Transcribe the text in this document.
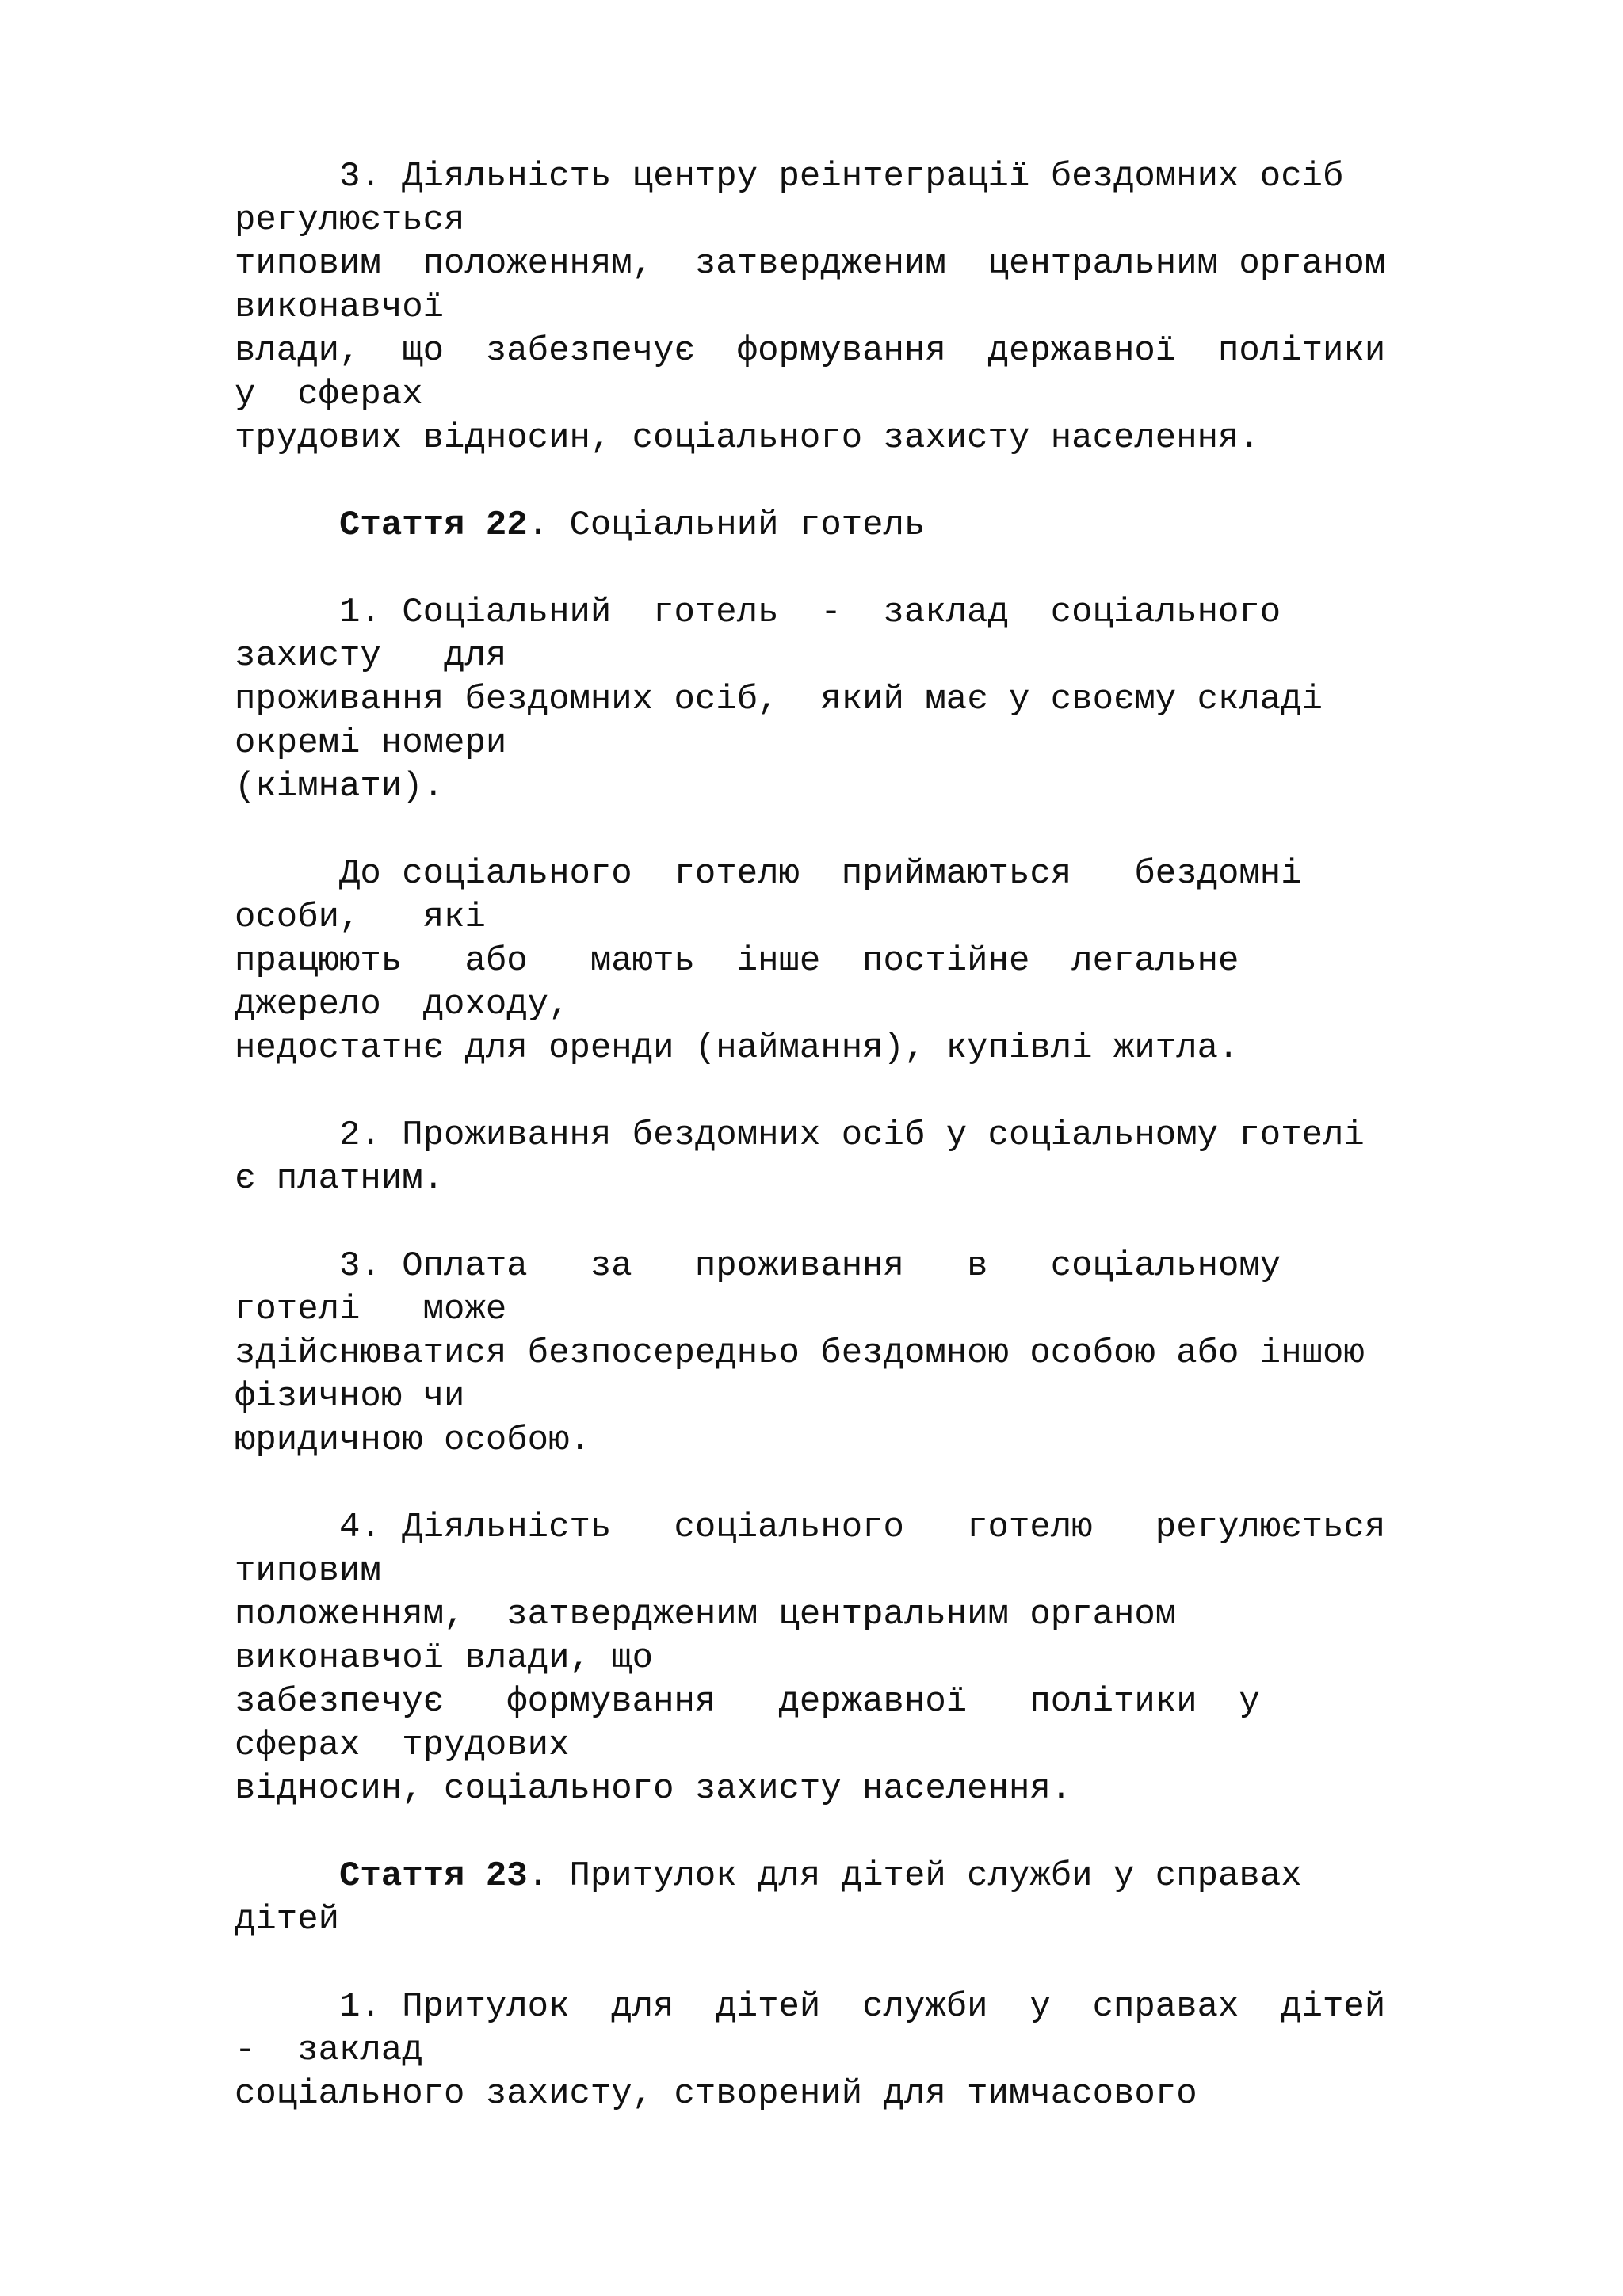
3. Діяльність центру реінтеграції бездомних осіб
регулюється
типовим  положенням,  затвердженим  центральним органом
виконавчої
влади,  що  забезпечує  формування  державної  політики
у  сферах
трудових відносин, соціального захисту населення.
Стаття 22. Соціальний готель
1. Соціальний  готель  -  заклад  соціального
захисту   для
проживання бездомних осіб,  який має у своєму складі
окремі номери
(кімнати).
До соціального  готелю  приймаються   бездомні
особи,   які
працюють   або   мають  інше  постійне  легальне
джерело  доходу,
недостатнє для оренди (наймання), купівлі житла.
2. Проживання бездомних осіб у соціальному готелі
є платним.
3. Оплата   за   проживання   в   соціальному
готелі   може
здійснюватися безпосередньо бездомною особою або іншою
фізичною чи
юридичною особою.
4. Діяльність   соціального   готелю   регулюється
типовим
положенням,  затвердженим центральним органом
виконавчої влади, що
забезпечує   формування   державної   політики  у
сферах  трудових
відносин, соціального захисту населення.
Стаття 23. Притулок для дітей служби у справах
дітей
1. Притулок  для  дітей  служби  у  справах  дітей
-  заклад
соціального захисту, створений для тимчасового
